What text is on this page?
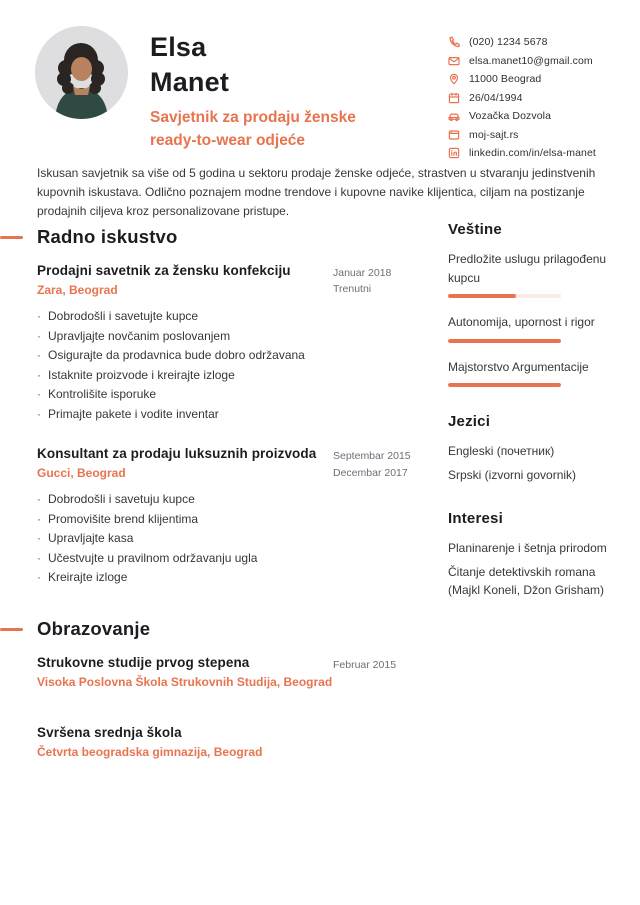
Elsa
Manet
Savjetnik za prodaju ženske ready-to-wear odjeće
(020) 1234 5678
elsa.manet10@gmail.com
11000 Beograd
26/04/1994
Vozačka Dozvola
moj-sajt.rs
linkedin.com/in/elsa-manet

Iskusan savjetnik sa više od 5 godina u sektoru prodaje ženske odjeće, strastven u stvaranju jedinstvenih kupovnih iskustava. Odlično poznajem modne trendove i kupovne navike klijentica, ciljam na postizanje prodajnih ciljeva kroz personalizovane pristupe.

Radno iskustvo
Prodajni savetnik za žensku konfekciju
Zara, Beograd
Januar 2018
Trenutni
· Dobrodošli i savetujte kupce
· Upravljajte novčanim poslovanjem
· Osigurajte da prodavnica bude dobro održavana
· Istaknite proizvode i kreirajte izloge
· Kontrolišite isporuke
· Primajte pakete i vodite inventar
Konsultant za prodaju luksuznih proizvoda
Gucci, Beograd
Septembar 2015
Decembar 2017
· Dobrodošli i savetuju kupce
· Promovišite brend klijentima
· Upravljajte kasa
· Učestvujte u pravilnom održavanju ugla
· Kreirajte izloge
Obrazovanje
Strukovne studije prvog stepena
Visoka Poslovna Škola Strukovnih Studija, Beograd
Februar 2015
Svršena srednja škola
Četvrta beogradska gimnazija, Beograd
Veštine
Predložite uslugu prilagođenu kupcu
Autonomija, upornost i rigor
Majstorstvo Argumentacije
Jezici
Engleski (почетник)
Srpski (izvorni govornik)
Interesi
Planinarenje i šetnja prirodom
Čitanje detektivskih romana (Majkl Koneli, Džon Grisham)
